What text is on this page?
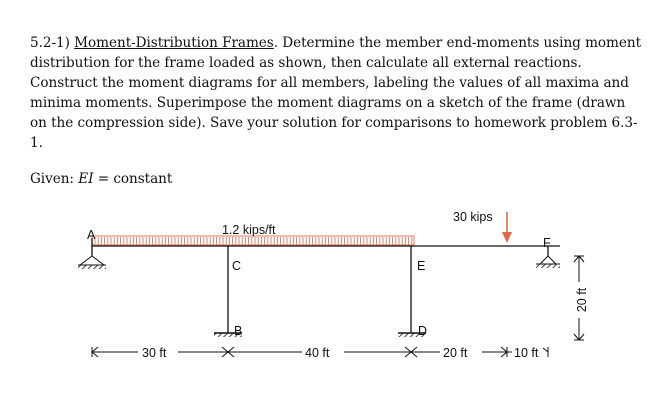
5.2-1) Moment-Distribution Frames. Determine the member end-moments using moment distribution for the frame loaded as shown, then calculate all external reactions. Construct the moment diagrams for all members, labeling the values of all maxima and minima moments. Superimpose the moment diagrams on a sketch of the frame (drawn on the compression side). Save your solution for comparisons to homework problem 6.3-1.

Given: EI = constant

1.2 kips/ft
A
F
B	D
C	E
30 kips
30 ft	40 ft	20 ft	10 ft
20 ft
